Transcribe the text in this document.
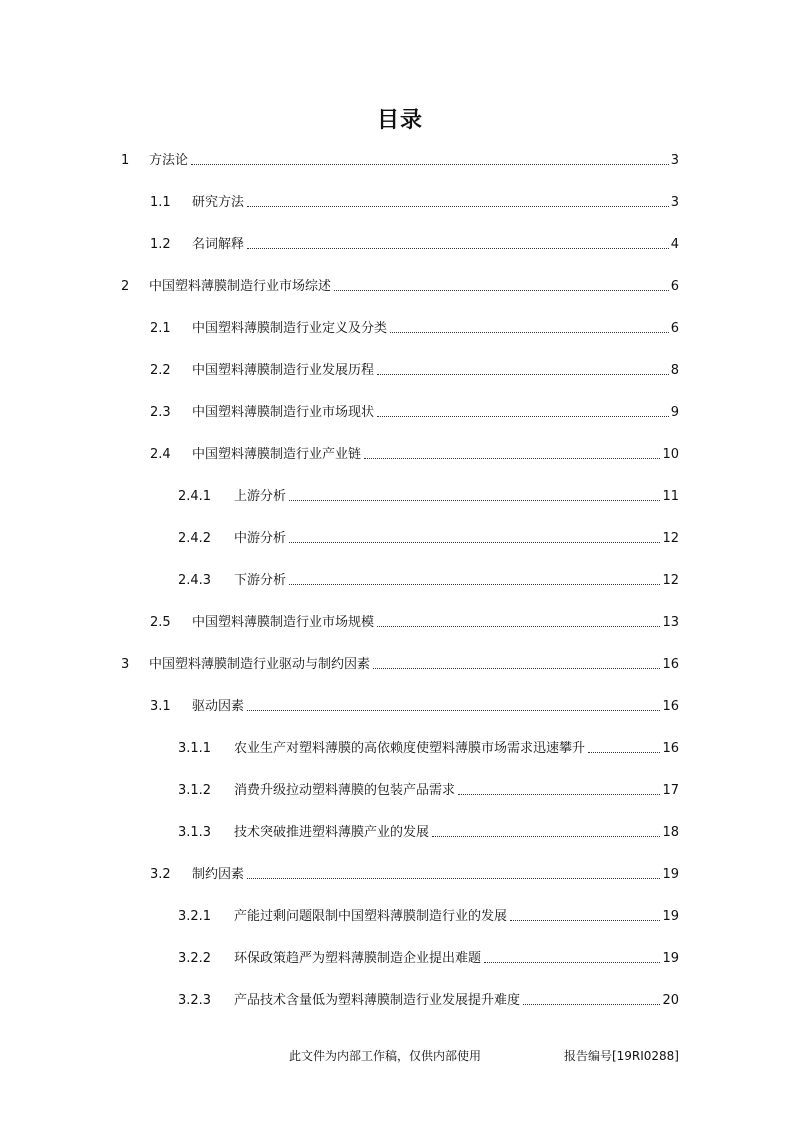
目录
1	方法论	3
1.1	研究方法	3
1.2	名词解释	4
2	中国塑料薄膜制造行业市场综述	6
2.1	中国塑料薄膜制造行业定义及分类	6
2.2	中国塑料薄膜制造行业发展历程	8
2.3	中国塑料薄膜制造行业市场现状	9
2.4	中国塑料薄膜制造行业产业链	10
2.4.1	上游分析	11
2.4.2	中游分析	12
2.4.3	下游分析	12
2.5	中国塑料薄膜制造行业市场规模	13
3	中国塑料薄膜制造行业驱动与制约因素	16
3.1	驱动因素	16
3.1.1	农业生产对塑料薄膜的高依赖度使塑料薄膜市场需求迅速攀升	16
3.1.2	消费升级拉动塑料薄膜的包装产品需求	17
3.1.3	技术突破推进塑料薄膜产业的发展	18
3.2	制约因素	19
3.2.1	产能过剩问题限制中国塑料薄膜制造行业的发展	19
3.2.2	环保政策趋严为塑料薄膜制造企业提出难题	19
3.2.3	产品技术含量低为塑料薄膜制造行业发展提升难度	20
此文件为内部工作稿，仅供内部使用	报告编号[19RI0288]
